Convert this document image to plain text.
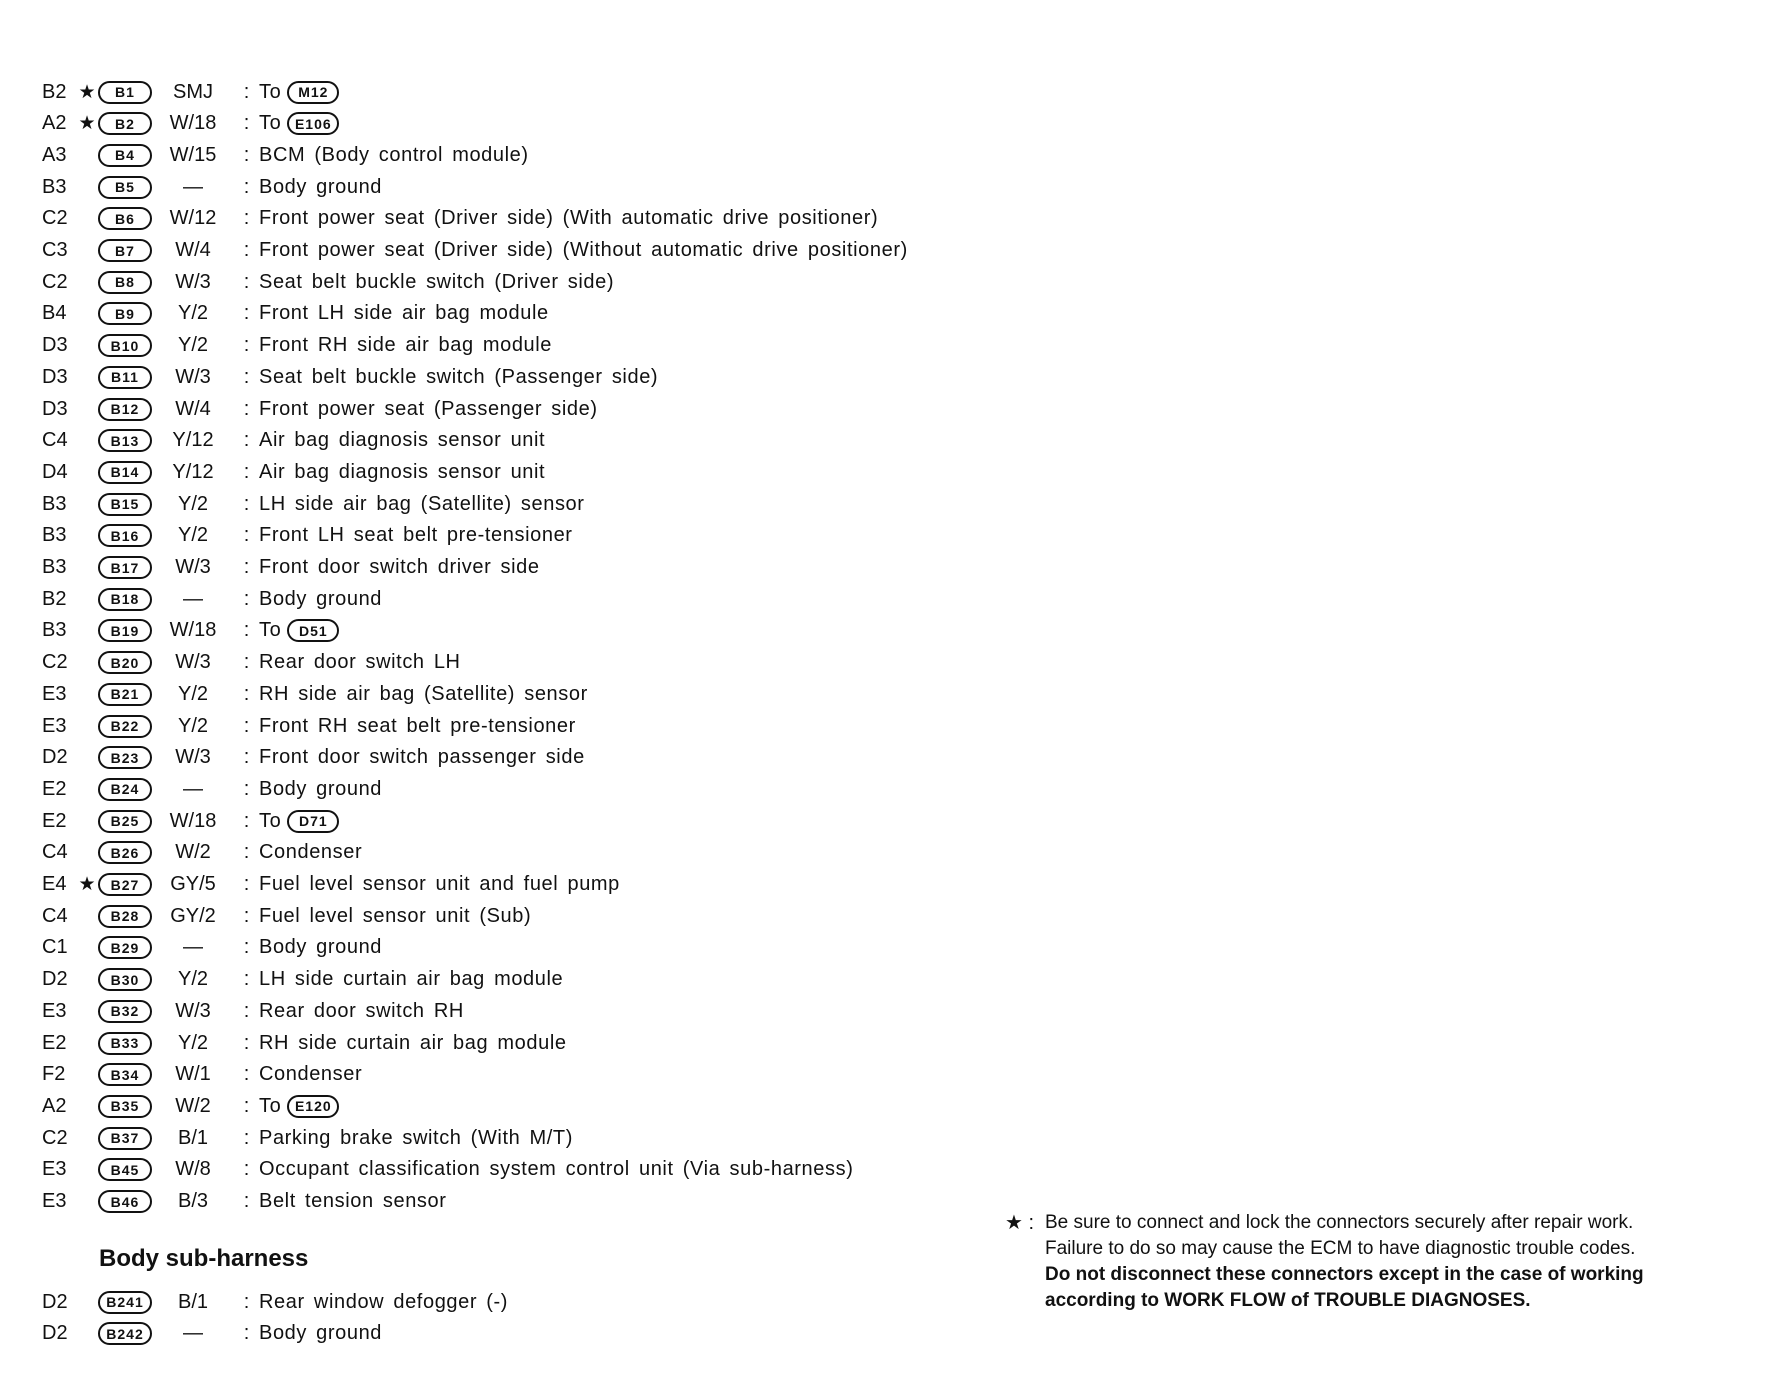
B2 ★	B1	SMJ	: To	M12
A2 ★	B2	W/18	: To E106
A3	B4	W/15	: BCM (Body control module)
B3	B5	—	: Body ground
C2	B6	W/12	: Front power seat (Driver side) (With automatic drive positioner)
C3	B7	W/4	: Front power seat (Driver side) (Without automatic drive positioner)
C2	B8	W/3	: Seat belt buckle switch (Driver side)
B4	B9	Y/2	: Front LH side air bag module
D3	B10	Y/2	: Front RH side air bag module
D3	B11	W/3	: Seat belt buckle switch (Passenger side)
D3	B12	W/4	: Front power seat (Passenger side)
C4	B13	Y/12	: Air bag diagnosis sensor unit
D4	B14	Y/12	: Air bag diagnosis sensor unit
B3	B15	Y/2	: LH side air bag (Satellite) sensor
B3	B16	Y/2	: Front LH seat belt pre-tensioner
B3	B17	W/3	: Front door switch driver side
B2	B18	—	: Body ground
B3	B19	W/18	: To	D51
C2	B20	W/3	: Rear door switch LH
E3	B21	Y/2	: RH side air bag (Satellite) sensor
E3	B22	Y/2	: Front RH seat belt pre-tensioner
D2	B23	W/3	: Front door switch passenger side
E2	B24	—	: Body ground
E2	B25	W/18	: To	D71
C4	B26	W/2	: Condenser
E4 ★	B27	GY/5	: Fuel level sensor unit and fuel pump
C4	B28	GY/2	: Fuel level sensor unit (Sub)
C1	B29	—	: Body ground
D2	B30	Y/2	: LH side curtain air bag module
E3	B32	W/3	: Rear door switch RH
E2	B33	Y/2	: RH side curtain air bag module
F2	B34	W/1	: Condenser
A2	B35	W/2	: To E120
C2	B37	B/1	: Parking brake switch (With M/T)
E3	B45	W/8	: Occupant classification system control unit (Via sub-harness)
E3	B46	B/3	: Belt tension sensor
Body sub-harness
D2	B241	B/1	: Rear window defogger (-)
D2	B242	—	: Body ground
★ : Be sure to connect and lock the connectors securely after repair work.
Failure to do so may cause the ECM to have diagnostic trouble codes.
Do not disconnect these connectors except in the case of working
according to WORK FLOW of TROUBLE DIAGNOSES.
